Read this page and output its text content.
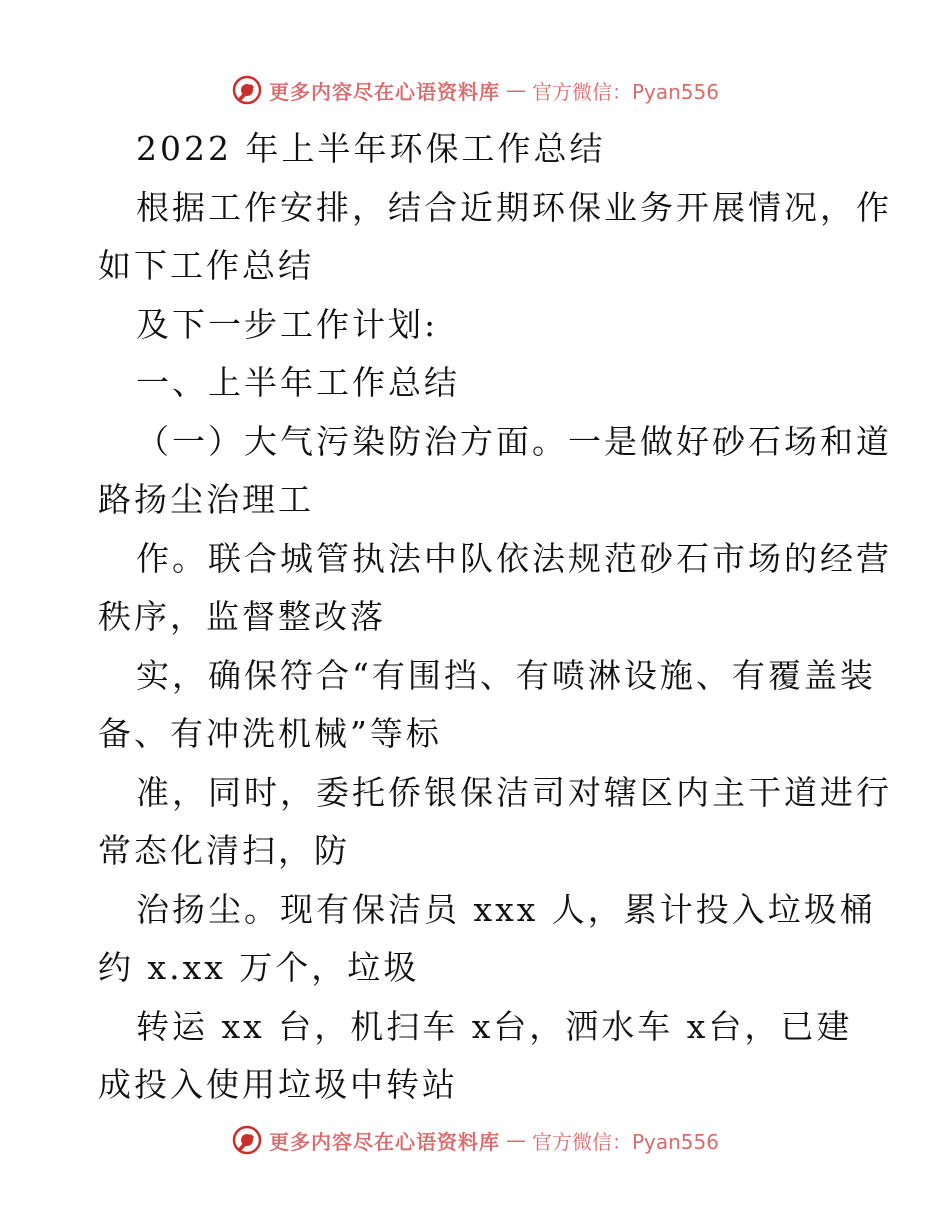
更多内容尽在心语资料库 — 官方微信：Pyan556
2022 年上半年环保工作总结
根据工作安排，结合近期环保业务开展情况，作
如下工作总结
及下一步工作计划:
一、上半年工作总结
（一）大气污染防治方面。一是做好砂石场和道
路扬尘治理工
作。联合城管执法中队依法规范砂石市场的经营
秩序，监督整改落
实，确保符合“有围挡、有喷淋设施、有覆盖装
备、有冲洗机械”等标
准，同时，委托侨银保洁司对辖区内主干道进行
常态化清扫，防
治扬尘。现有保洁员 xxx 人，累计投入垃圾桶
约 x.xx 万个，垃圾
转运 xx 台，机扫车 x台，洒水车 x台，已建
成投入使用垃圾中转站
更多内容尽在心语资料库 — 官方微信：Pyan556
